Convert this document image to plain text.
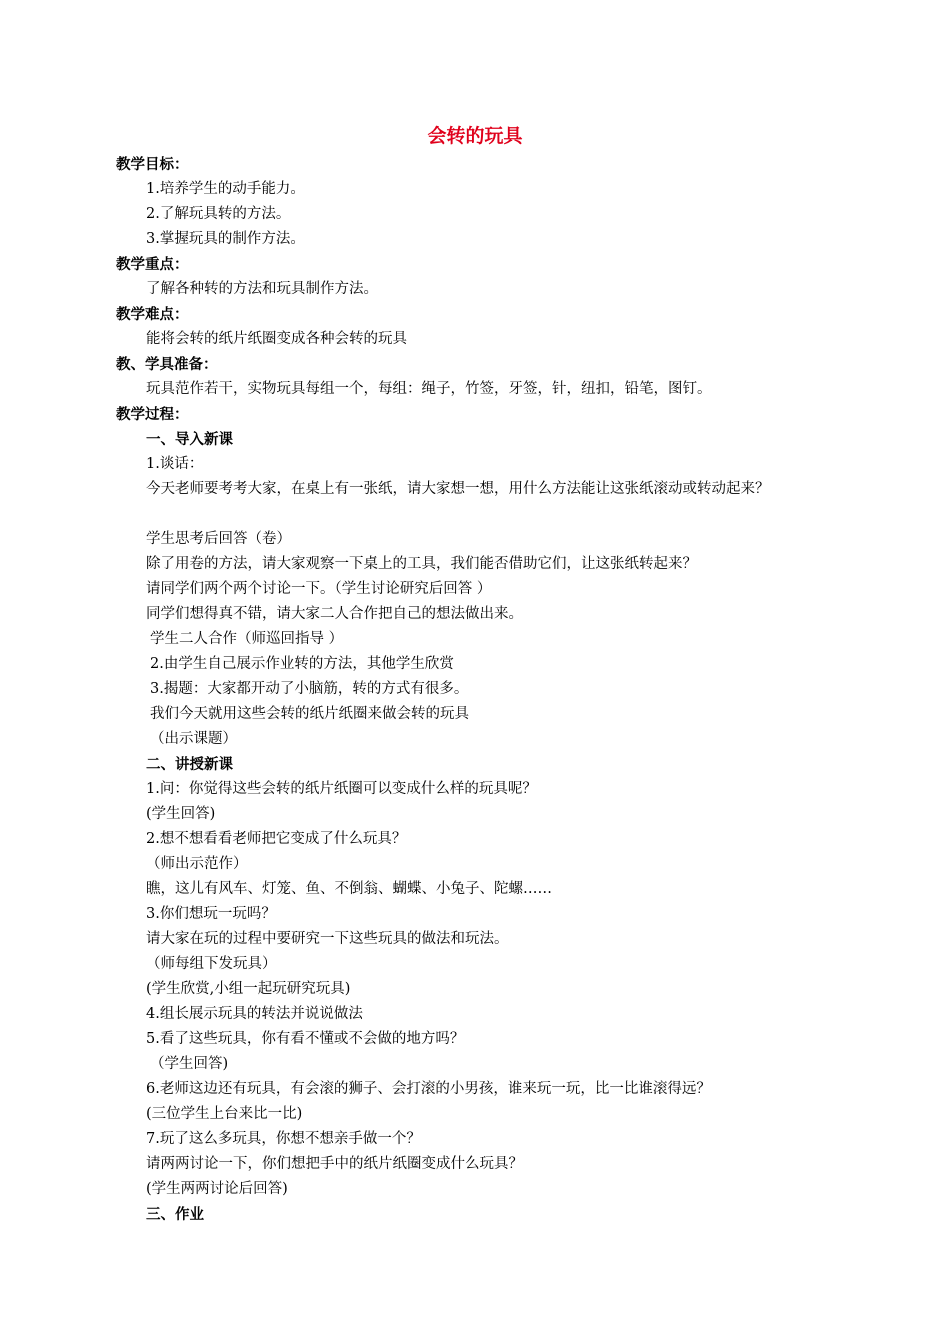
会转的玩具
教学目标：
1.培养学生的动手能力。
2.了解玩具转的方法。
3.掌握玩具的制作方法。
教学重点：
了解各种转的方法和玩具制作方法。
教学难点：
能将会转的纸片纸圈变成各种会转的玩具
教、学具准备：
玩具范作若干，实物玩具每组一个，每组：绳子，竹签，牙签，针，纽扣，铅笔，图钉。
教学过程：
一、导入新课
1.谈话：
今天老师要考考大家，在桌上有一张纸，请大家想一想，用什么方法能让这张纸滚动或转动起来？
学生思考后回答（卷）
除了用卷的方法，请大家观察一下桌上的工具，我们能否借助它们，让这张纸转起来？
请同学们两个两个讨论一下。（学生讨论研究后回答 ）
同学们想得真不错，请大家二人合作把自己的想法做出来。
学生二人合作（师巡回指导 ）
2.由学生自己展示作业转的方法，其他学生欣赏
3.揭题：大家都开动了小脑筋，转的方式有很多。
我们今天就用这些会转的纸片纸圈来做会转的玩具
（出示课题）
二、讲授新课
1.问：你觉得这些会转的纸片纸圈可以变成什么样的玩具呢？
(学生回答)
2.想不想看看老师把它变成了什么玩具？
（师出示范作）
瞧，这儿有风车、灯笼、鱼、不倒翁、蝴蝶、小兔子、陀螺……
3.你们想玩一玩吗？
请大家在玩的过程中要研究一下这些玩具的做法和玩法。
（师每组下发玩具）
(学生欣赏,小组一起玩研究玩具)
4.组长展示玩具的转法并说说做法
5.看了这些玩具，你有看不懂或不会做的地方吗？
（学生回答)
6.老师这边还有玩具，有会滚的狮子、会打滚的小男孩，谁来玩一玩，比一比谁滚得远？
(三位学生上台来比一比)
7.玩了这么多玩具，你想不想亲手做一个？
请两两讨论一下，你们想把手中的纸片纸圈变成什么玩具？
(学生两两讨论后回答)
三、作业
